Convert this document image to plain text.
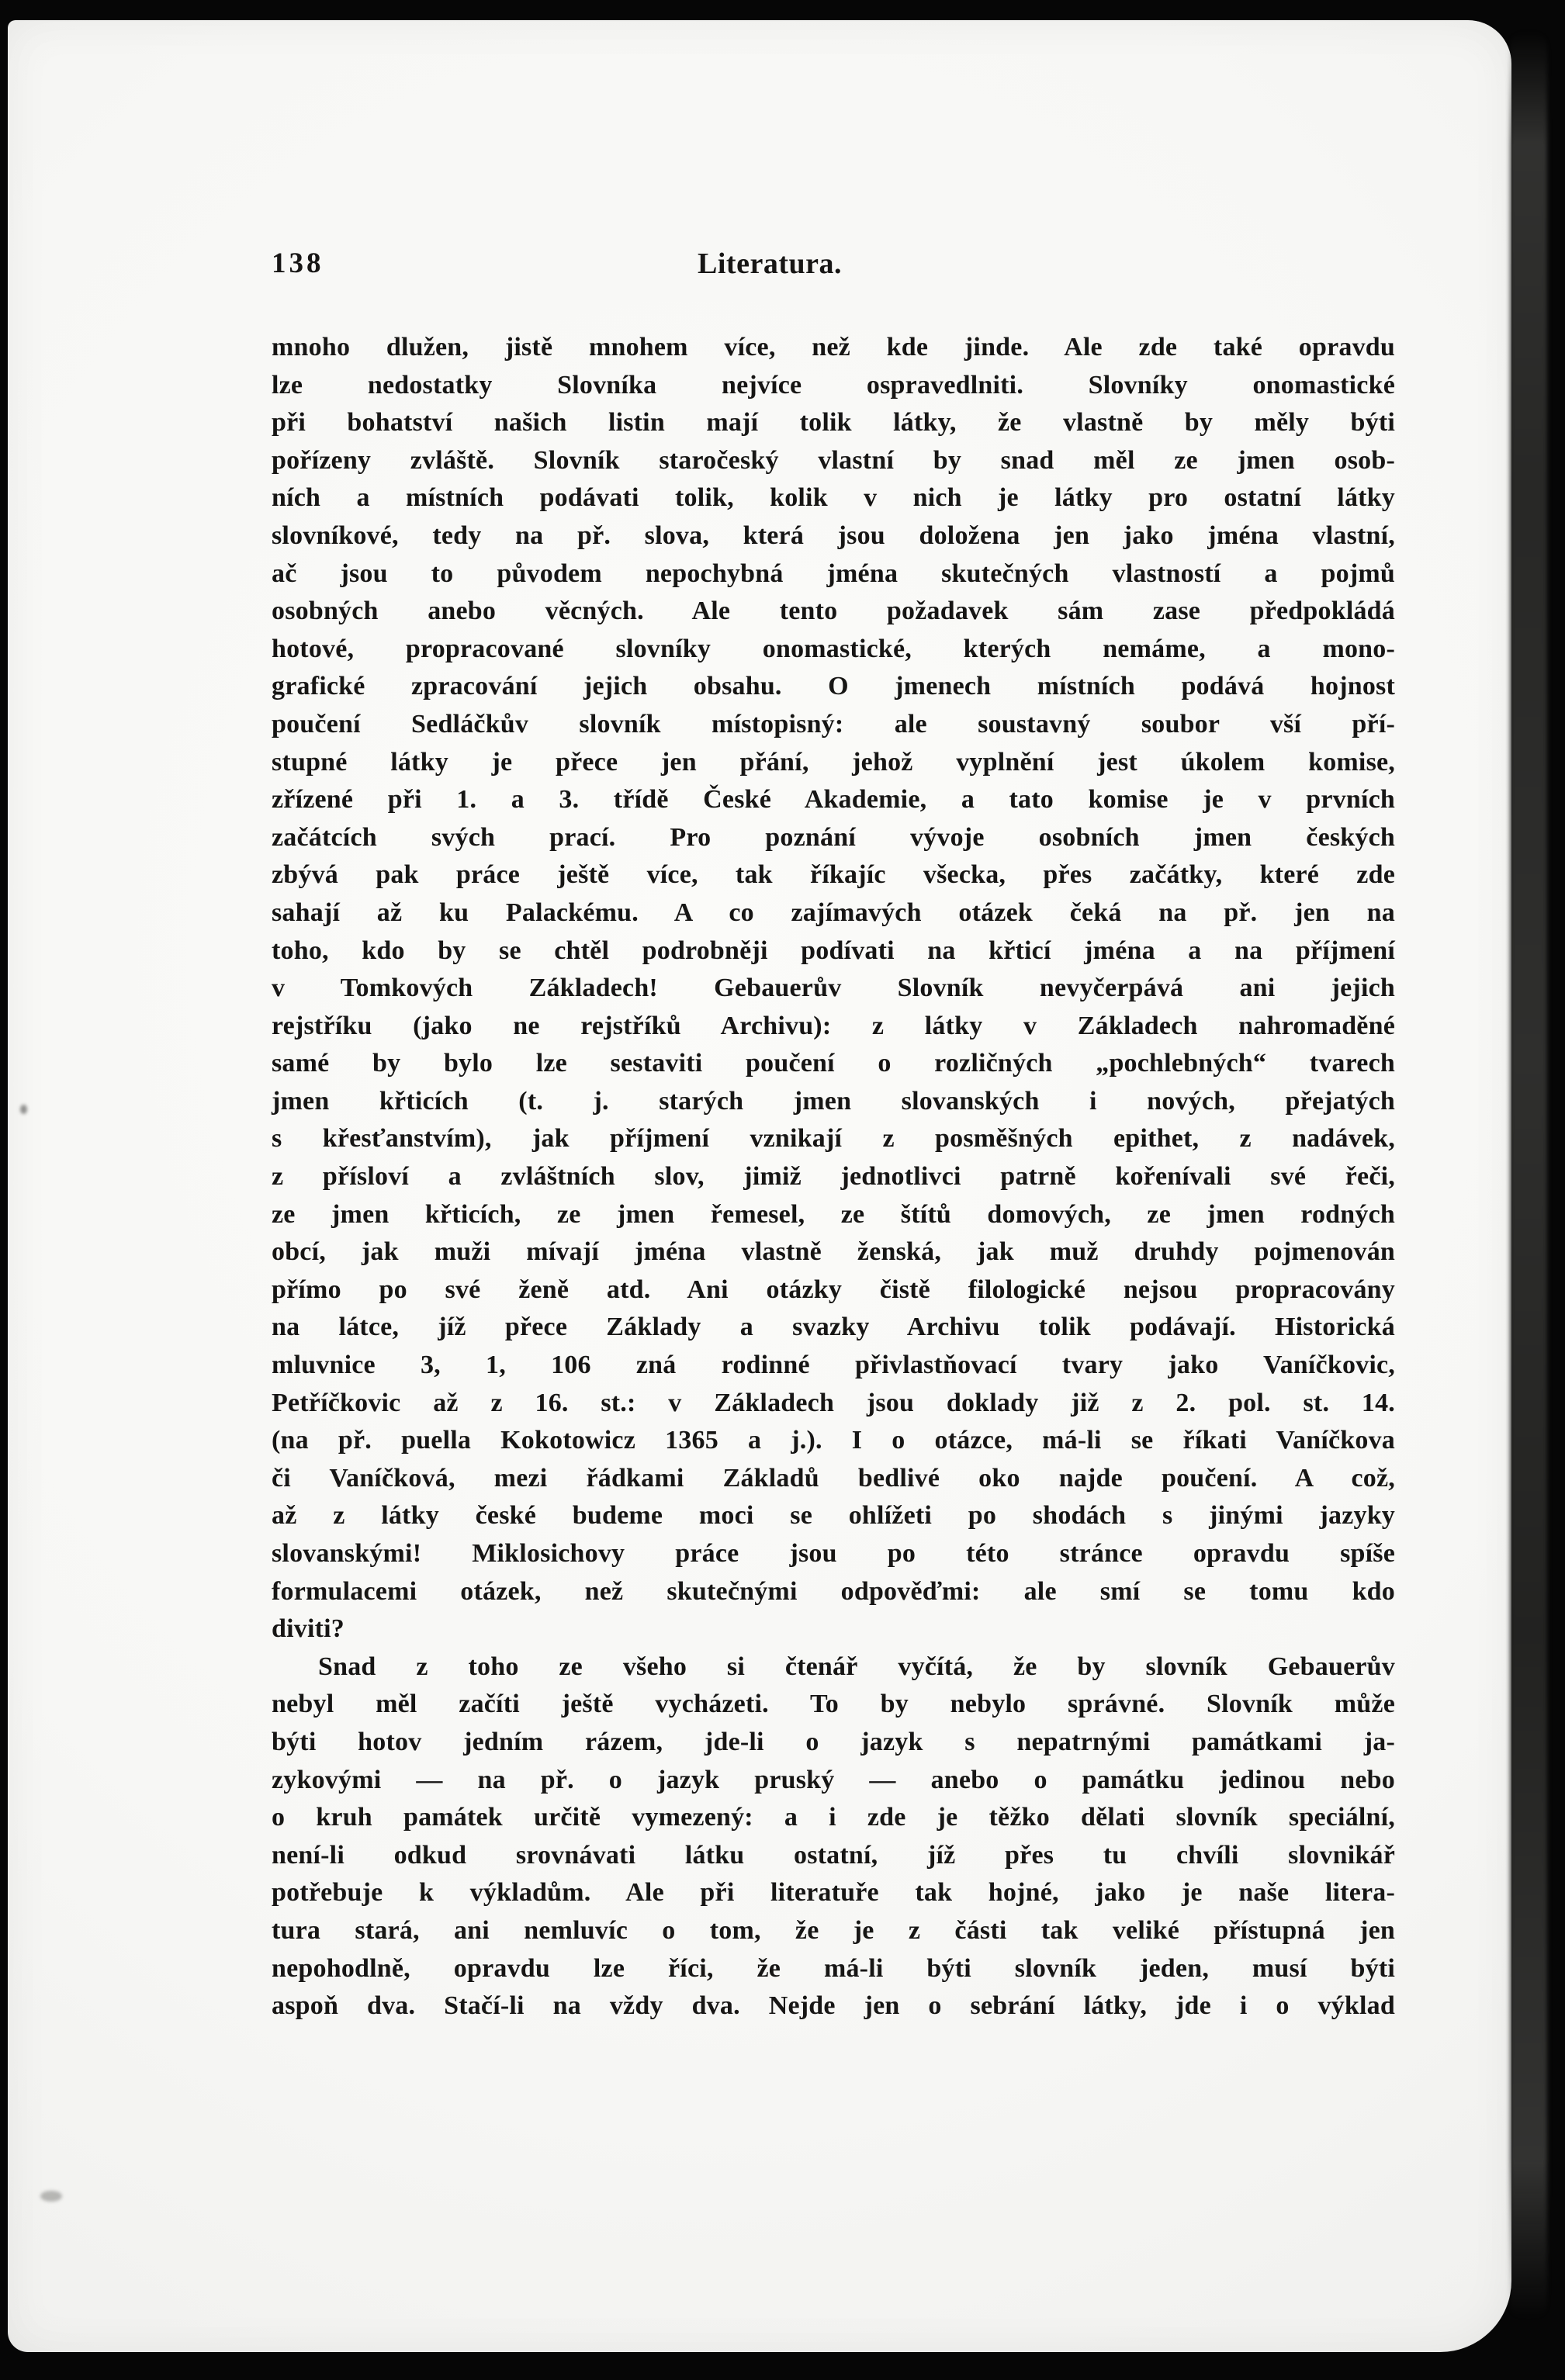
138	Literatura.
mnoho dlužen, jistě mnohem více, než kde jinde. Ale zde také opravdu
lze nedostatky Slovníka nejvíce ospravedlniti. Slovníky onomastické
při bohatství našich listin mají tolik látky, že vlastně by měly býti
pořízeny zvláště. Slovník staročeský vlastní by snad měl ze jmen osob-
ních a místních podávati tolik, kolik v nich je látky pro ostatní látky
slovníkové, tedy na př. slova, která jsou doložena jen jako jména vlastní,
ač jsou to původem nepochybná jména skutečných vlastností a pojmů
osobných anebo věcných. Ale tento požadavek sám zase předpokládá
hotové, propracované slovníky onomastické, kterých nemáme, a mono-
grafické zpracování jejich obsahu. O jmenech místních podává hojnost
poučení Sedláčkův slovník místopisný: ale soustavný soubor vší pří-
stupné látky je přece jen přání, jehož vyplnění jest úkolem komise,
zřízené při 1. a 3. třídě České Akademie, a tato komise je v prvních
začátcích svých prací. Pro poznání vývoje osobních jmen českých
zbývá pak práce ještě více, tak říkajíc všecka, přes začátky, které zde
sahají až ku Palackému. A co zajímavých otázek čeká na př. jen na
toho, kdo by se chtěl podrobněji podívati na křticí jména a na příjmení
v Tomkových Základech! Gebauerův Slovník nevyčerpává ani jejich
rejstříku (jako ne rejstříků Archivu): z látky v Základech nahromaděné
samé by bylo lze sestaviti poučení o rozličných „pochlebných“ tvarech
jmen křticích (t. j. starých jmen slovanských i nových, přejatých
s křesťanstvím), jak příjmení vznikají z posměšných epithet, z nadávek,
z přísloví a zvláštních slov, jimiž jednotlivci patrně kořenívali své řeči,
ze jmen křticích, ze jmen řemesel, ze štítů domových, ze jmen rodných
obcí, jak muži mívají jména vlastně ženská, jak muž druhdy pojmenován
přímo po své ženě atd. Ani otázky čistě filologické nejsou propracovány
na látce, jíž přece Základy a svazky Archivu tolik podávají. Historická
mluvnice 3, 1, 106 zná rodinné přivlastňovací tvary jako Vaníčkovic,
Petříčkovic až z 16. st.: v Základech jsou doklady již z 2. pol. st. 14.
(na př. puella Kokotowicz 1365 a j.). I o otázce, má-li se říkati Vaníčkova
či Vaníčková, mezi řádkami Základů bedlivé oko najde poučení. A což,
až z látky české budeme moci se ohlížeti po shodách s jinými jazyky
slovanskými! Miklosichovy práce jsou po této stránce opravdu spíše
formulacemi otázek, než skutečnými odpověďmi: ale smí se tomu kdo
diviti?
Snad z toho ze všeho si čtenář vyčítá, že by slovník Gebauerův
nebyl měl začíti ještě vycházeti. To by nebylo správné. Slovník může
býti hotov jedním rázem, jde-li o jazyk s nepatrnými památkami ja-
zykovými — na př. o jazyk pruský — anebo o památku jedinou nebo
o kruh památek určitě vymezený: a i zde je těžko dělati slovník speciální,
není-li odkud srovnávati látku ostatní, jíž přes tu chvíli slovnikář
potřebuje k výkladům. Ale při literatuře tak hojné, jako je naše litera-
tura stará, ani nemluvíc o tom, že je z části tak veliké přístupná jen
nepohodlně, opravdu lze říci, že má-li býti slovník jeden, musí býti
aspoň dva. Stačí-li na vždy dva. Nejde jen o sebrání látky, jde i o výklad
